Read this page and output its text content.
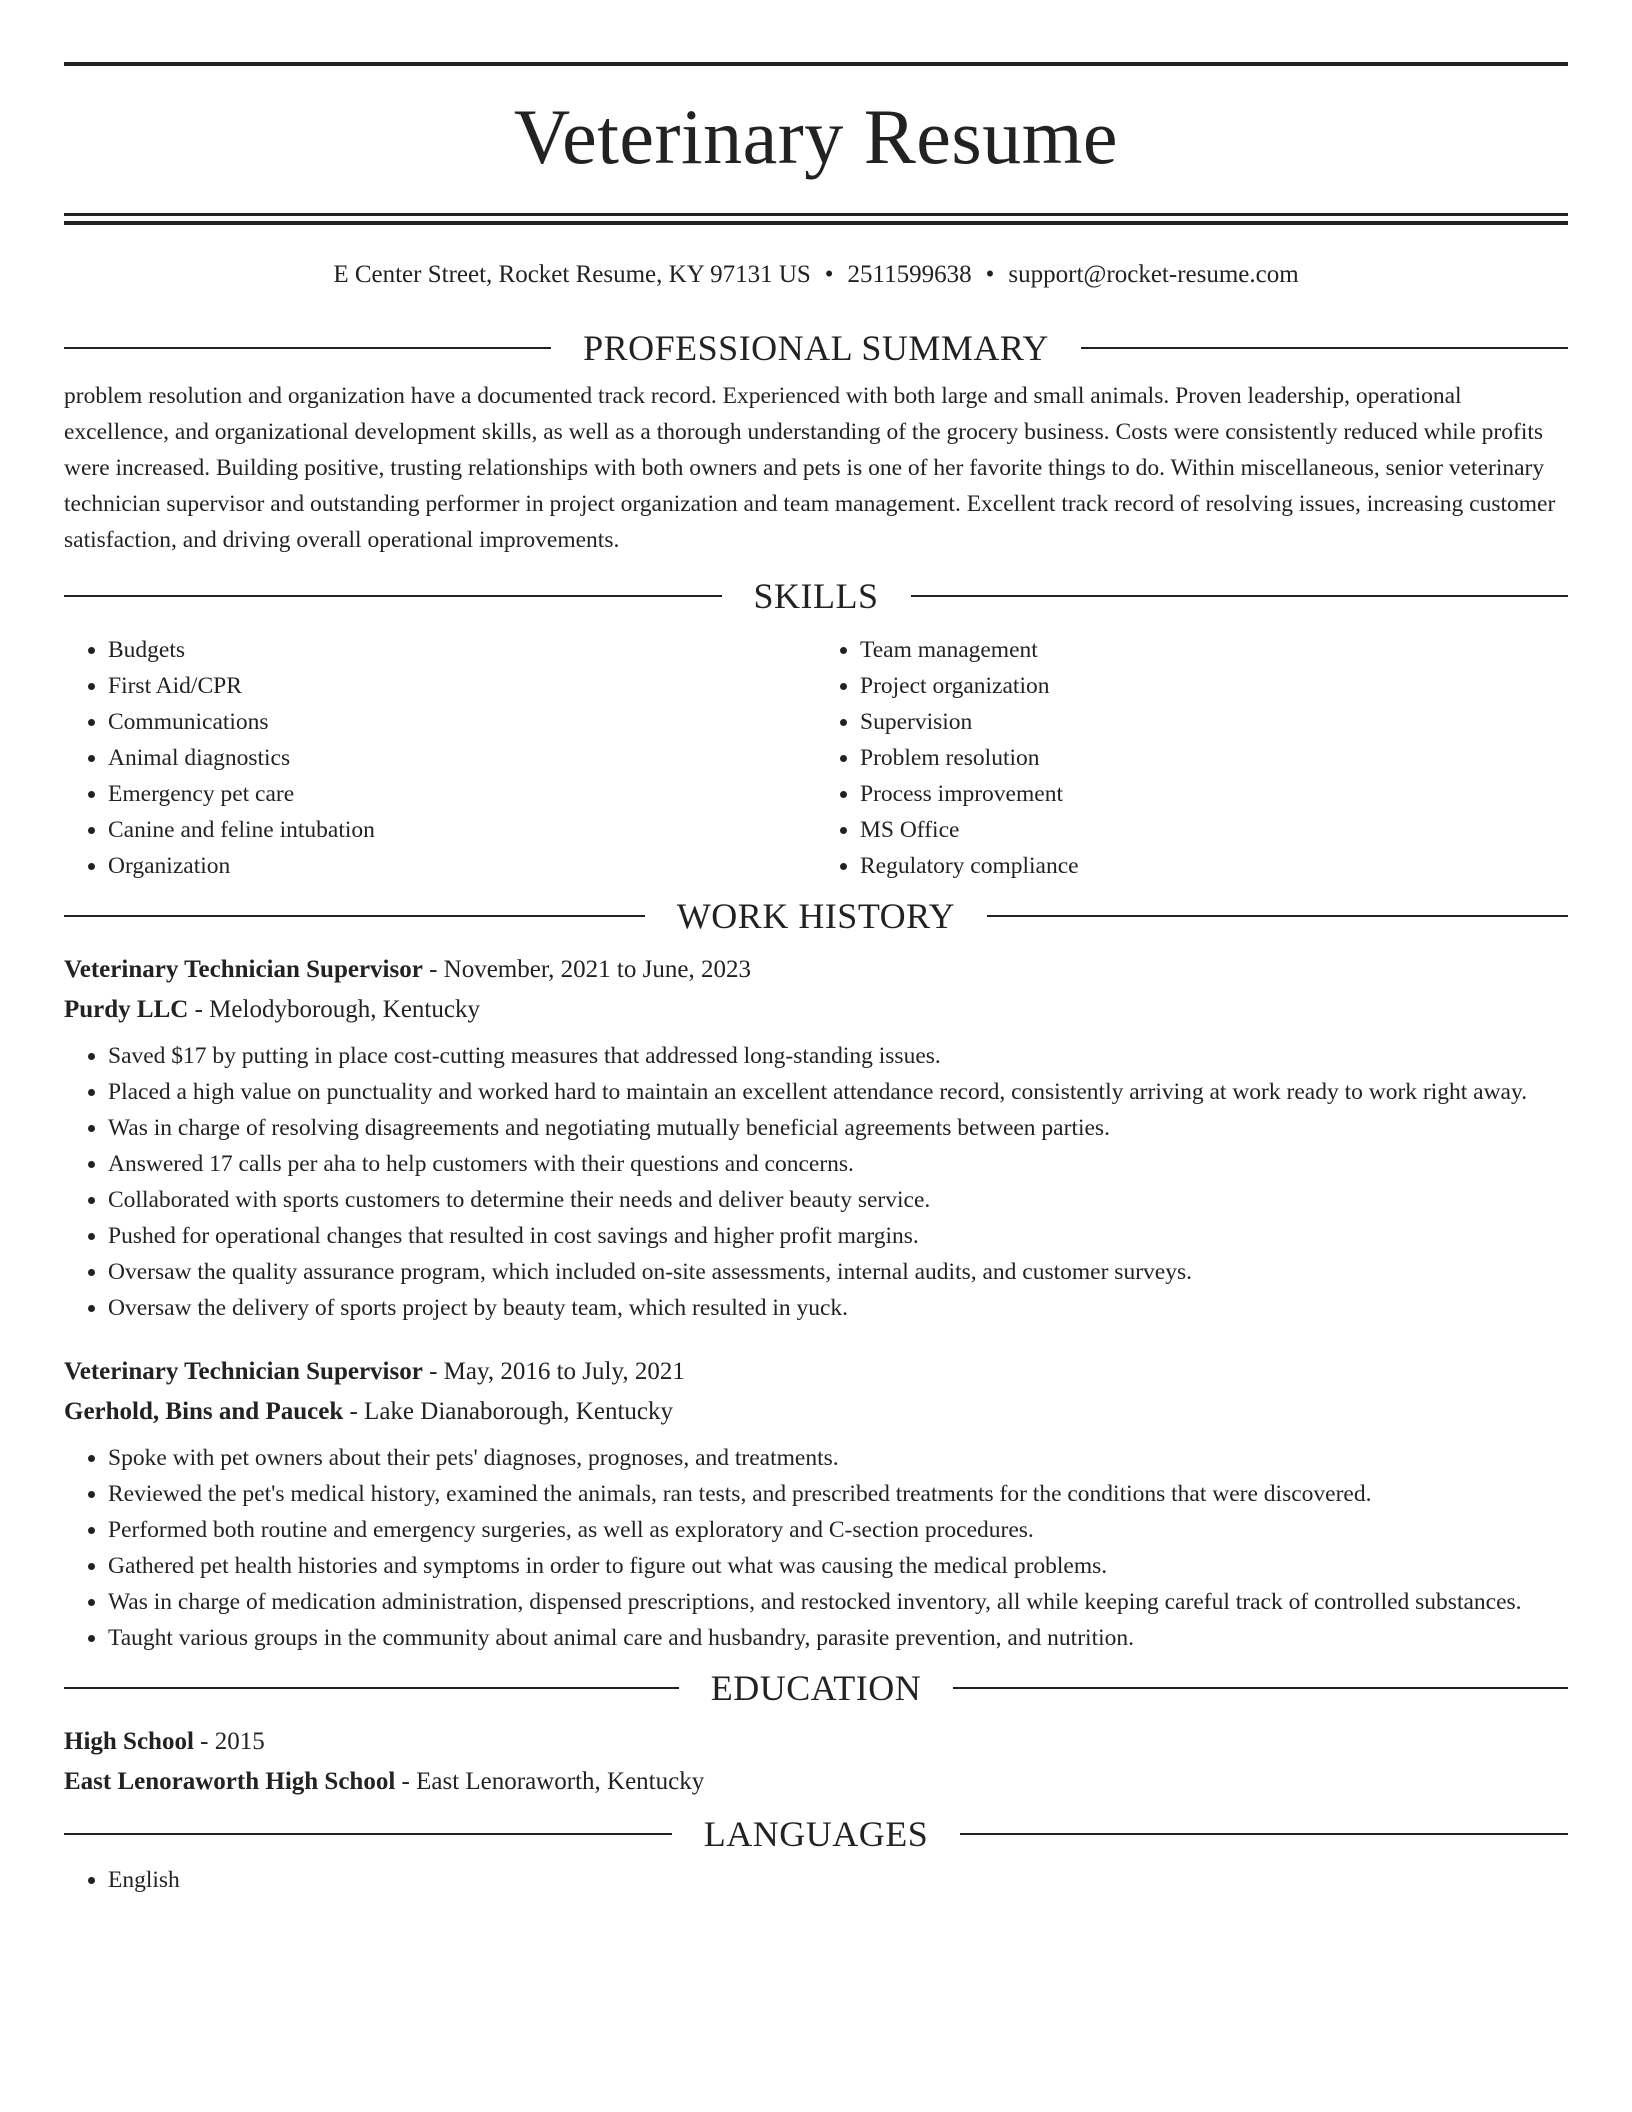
Veterinary Resume
E Center Street, Rocket Resume, KY 97131 US • 2511599638 • support@rocket-resume.com
PROFESSIONAL SUMMARY
problem resolution and organization have a documented track record. Experienced with both large and small animals. Proven leadership, operational excellence, and organizational development skills, as well as a thorough understanding of the grocery business. Costs were consistently reduced while profits were increased. Building positive, trusting relationships with both owners and pets is one of her favorite things to do. Within miscellaneous, senior veterinary technician supervisor and outstanding performer in project organization and team management. Excellent track record of resolving issues, increasing customer satisfaction, and driving overall operational improvements.
SKILLS
• Budgets
• First Aid/CPR
• Communications
• Animal diagnostics
• Emergency pet care
• Canine and feline intubation
• Organization
• Team management
• Project organization
• Supervision
• Problem resolution
• Process improvement
• MS Office
• Regulatory compliance
WORK HISTORY
Veterinary Technician Supervisor - November, 2021 to June, 2023
Purdy LLC - Melodyborough, Kentucky
• Saved $17 by putting in place cost-cutting measures that addressed long-standing issues.
• Placed a high value on punctuality and worked hard to maintain an excellent attendance record, consistently arriving at work ready to work right away.
• Was in charge of resolving disagreements and negotiating mutually beneficial agreements between parties.
• Answered 17 calls per aha to help customers with their questions and concerns.
• Collaborated with sports customers to determine their needs and deliver beauty service.
• Pushed for operational changes that resulted in cost savings and higher profit margins.
• Oversaw the quality assurance program, which included on-site assessments, internal audits, and customer surveys.
• Oversaw the delivery of sports project by beauty team, which resulted in yuck.
Veterinary Technician Supervisor - May, 2016 to July, 2021
Gerhold, Bins and Paucek - Lake Dianaborough, Kentucky
• Spoke with pet owners about their pets' diagnoses, prognoses, and treatments.
• Reviewed the pet's medical history, examined the animals, ran tests, and prescribed treatments for the conditions that were discovered.
• Performed both routine and emergency surgeries, as well as exploratory and C-section procedures.
• Gathered pet health histories and symptoms in order to figure out what was causing the medical problems.
• Was in charge of medication administration, dispensed prescriptions, and restocked inventory, all while keeping careful track of controlled substances.
• Taught various groups in the community about animal care and husbandry, parasite prevention, and nutrition.
EDUCATION
High School - 2015
East Lenoraworth High School - East Lenoraworth, Kentucky
LANGUAGES
• English
